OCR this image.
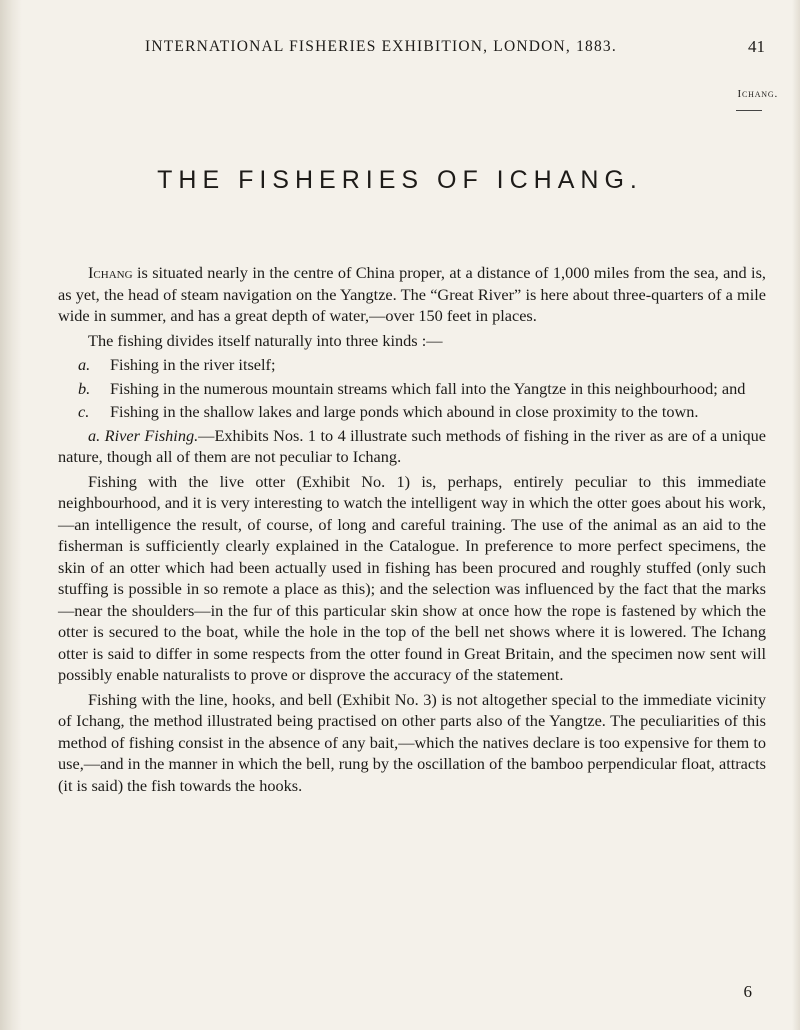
INTERNATIONAL FISHERIES EXHIBITION, LONDON, 1883.	41
Ichang.
THE FISHERIES OF ICHANG.

Ichang is situated nearly in the centre of China proper, at a distance of 1,000 miles from the sea, and is, as yet, the head of steam navigation on the Yangtze. The “Great River” is here about three-quarters of a mile wide in summer, and has a great depth of water,—over 150 feet in places.

The fishing divides itself naturally into three kinds :—

a. Fishing in the river itself;

b. Fishing in the numerous mountain streams which fall into the Yangtze in this neighbourhood; and

c. Fishing in the shallow lakes and large ponds which abound in close proximity to the town.

a. River Fishing.—Exhibits Nos. 1 to 4 illustrate such methods of fishing in the river as are of a unique nature, though all of them are not peculiar to Ichang.

Fishing with the live otter (Exhibit No. 1) is, perhaps, entirely peculiar to this immediate neighbourhood, and it is very interesting to watch the intelligent way in which the otter goes about his work,—an intelligence the result, of course, of long and careful training. The use of the animal as an aid to the fisherman is sufficiently clearly explained in the Catalogue. In preference to more perfect specimens, the skin of an otter which had been actually used in fishing has been procured and roughly stuffed (only such stuffing is possible in so remote a place as this); and the selection was influenced by the fact that the marks—near the shoulders—in the fur of this particular skin show at once how the rope is fastened by which the otter is secured to the boat, while the hole in the top of the bell net shows where it is lowered. The Ichang otter is said to differ in some respects from the otter found in Great Britain, and the specimen now sent will possibly enable naturalists to prove or disprove the accuracy of the statement.

Fishing with the line, hooks, and bell (Exhibit No. 3) is not altogether special to the immediate vicinity of Ichang, the method illustrated being practised on other parts also of the Yangtze. The peculiarities of this method of fishing consist in the absence of any bait,—which the natives declare is too expensive for them to use,—and in the manner in which the bell, rung by the oscillation of the bamboo perpendicular float, attracts (it is said) the fish towards the hooks.

6
